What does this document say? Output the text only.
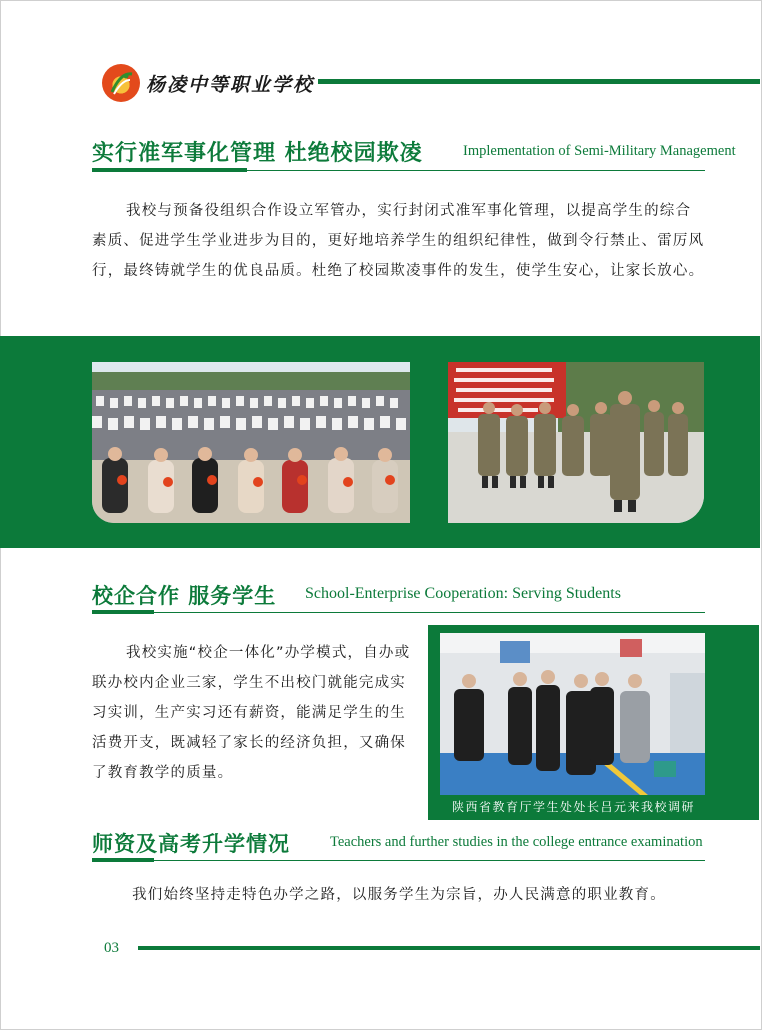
杨凌中等职业学校
实行准军事化管理 杜绝校园欺凌	Implementation of Semi-Military Management
我校与预备役组织合作设立军管办，实行封闭式准军事化管理，以提高学生的综合素质、促进学生学业进步为目的，更好地培养学生的组织纪律性，做到令行禁止、雷厉风行，最终铸就学生的优良品质。杜绝了校园欺凌事件的发生，使学生安心，让家长放心。
校企合作 服务学生 School-Enterprise Cooperation: Serving Students
我校实施“校企一体化”办学模式，自办或联办校内企业三家，学生不出校门就能完成实习实训，生产实习还有薪资，能满足学生的生活费开支，既减轻了家长的经济负担，又确保了教育教学的质量。
陕西省教育厅学生处处长吕元来我校调研
师资及高考升学情况	Teachers and further studies in the college entrance examination
我们始终坚持走特色办学之路，以服务学生为宗旨，办人民满意的职业教育。
03
